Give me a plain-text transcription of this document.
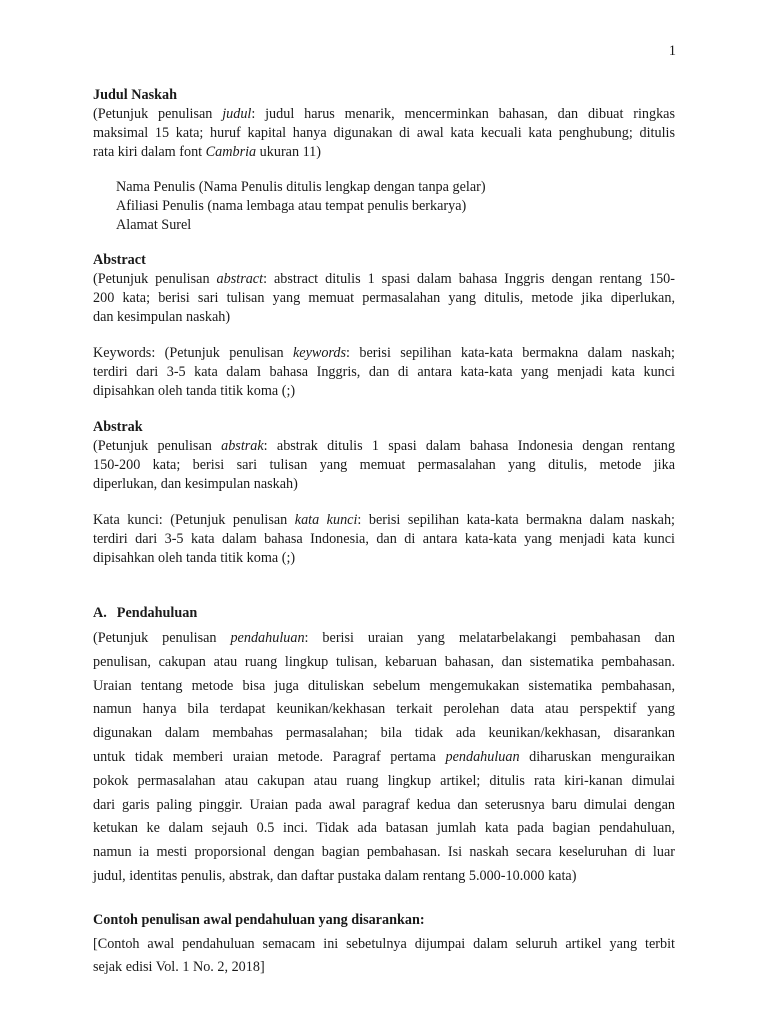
1
Judul Naskah
(Petunjuk penulisan judul: judul harus menarik, mencerminkan bahasan, dan dibuat ringkas
maksimal 15 kata; huruf kapital hanya digunakan di awal kata kecuali kata penghubung; ditulis
rata kiri dalam font Cambria ukuran 11)
Nama Penulis (Nama Penulis ditulis lengkap dengan tanpa gelar)
Afiliasi Penulis (nama lembaga atau tempat penulis berkarya)
Alamat Surel
Abstract
(Petunjuk penulisan abstract: abstract ditulis 1 spasi dalam bahasa Inggris dengan rentang 150-
200 kata; berisi sari tulisan yang memuat permasalahan yang ditulis, metode jika diperlukan,
dan kesimpulan naskah)
Keywords: (Petunjuk penulisan keywords: berisi sepilihan kata-kata bermakna dalam naskah;
terdiri dari 3-5 kata dalam bahasa Inggris, dan di antara kata-kata yang menjadi kata kunci
dipisahkan oleh tanda titik koma (;)
Abstrak
(Petunjuk penulisan abstrak: abstrak ditulis 1 spasi dalam bahasa Indonesia dengan rentang
150-200 kata; berisi sari tulisan yang memuat permasalahan yang ditulis, metode jika
diperlukan, dan kesimpulan naskah)
Kata kunci: (Petunjuk penulisan kata kunci: berisi sepilihan kata-kata bermakna dalam naskah;
terdiri dari 3-5 kata dalam bahasa Indonesia, dan di antara kata-kata yang menjadi kata kunci
dipisahkan oleh tanda titik koma (;)
A. Pendahuluan
(Petunjuk penulisan pendahuluan: berisi uraian yang melatarbelakangi pembahasan dan
penulisan, cakupan atau ruang lingkup tulisan, kebaruan bahasan, dan sistematika pembahasan.
Uraian tentang metode bisa juga dituliskan sebelum mengemukakan sistematika pembahasan,
namun hanya bila terdapat keunikan/kekhasan terkait perolehan data atau perspektif yang
digunakan dalam membahas permasalahan; bila tidak ada keunikan/kekhasan, disarankan
untuk tidak memberi uraian metode. Paragraf pertama pendahuluan diharuskan menguraikan
pokok permasalahan atau cakupan atau ruang lingkup artikel; ditulis rata kiri-kanan dimulai
dari garis paling pinggir. Uraian pada awal paragraf kedua dan seterusnya baru dimulai dengan
ketukan ke dalam sejauh 0.5 inci. Tidak ada batasan jumlah kata pada bagian pendahuluan,
namun ia mesti proporsional dengan bagian pembahasan. Isi naskah secara keseluruhan di luar
judul, identitas penulis, abstrak, dan daftar pustaka dalam rentang 5.000-10.000 kata)
Contoh penulisan awal pendahuluan yang disarankan:
[Contoh awal pendahuluan semacam ini sebetulnya dijumpai dalam seluruh artikel yang terbit
sejak edisi Vol. 1 No. 2, 2018]
